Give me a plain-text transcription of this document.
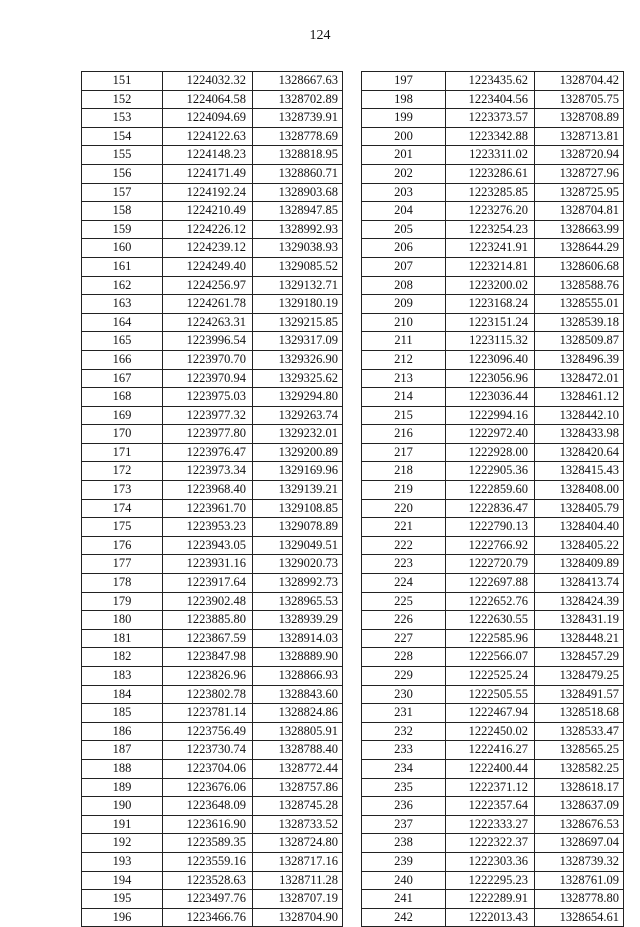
124
151	1224032.32	1328667.63
152	1224064.58	1328702.89
153	1224094.69	1328739.91
154	1224122.63	1328778.69
155	1224148.23	1328818.95
156	1224171.49	1328860.71
157	1224192.24	1328903.68
158	1224210.49	1328947.85
159	1224226.12	1328992.93
160	1224239.12	1329038.93
161	1224249.40	1329085.52
162	1224256.97	1329132.71
163	1224261.78	1329180.19
164	1224263.31	1329215.85
165	1223996.54	1329317.09
166	1223970.70	1329326.90
167	1223970.94	1329325.62
168	1223975.03	1329294.80
169	1223977.32	1329263.74
170	1223977.80	1329232.01
171	1223976.47	1329200.89
172	1223973.34	1329169.96
173	1223968.40	1329139.21
174	1223961.70	1329108.85
175	1223953.23	1329078.89
176	1223943.05	1329049.51
177	1223931.16	1329020.73
178	1223917.64	1328992.73
179	1223902.48	1328965.53
180	1223885.80	1328939.29
181	1223867.59	1328914.03
182	1223847.98	1328889.90
183	1223826.96	1328866.93
184	1223802.78	1328843.60
185	1223781.14	1328824.86
186	1223756.49	1328805.91
187	1223730.74	1328788.40
188	1223704.06	1328772.44
189	1223676.06	1328757.86
190	1223648.09	1328745.28
191	1223616.90	1328733.52
192	1223589.35	1328724.80
193	1223559.16	1328717.16
194	1223528.63	1328711.28
195	1223497.76	1328707.19
196	1223466.76	1328704.90
197	1223435.62	1328704.42
198	1223404.56	1328705.75
199	1223373.57	1328708.89
200	1223342.88	1328713.81
201	1223311.02	1328720.94
202	1223286.61	1328727.96
203	1223285.85	1328725.95
204	1223276.20	1328704.81
205	1223254.23	1328663.99
206	1223241.91	1328644.29
207	1223214.81	1328606.68
208	1223200.02	1328588.76
209	1223168.24	1328555.01
210	1223151.24	1328539.18
211	1223115.32	1328509.87
212	1223096.40	1328496.39
213	1223056.96	1328472.01
214	1223036.44	1328461.12
215	1222994.16	1328442.10
216	1222972.40	1328433.98
217	1222928.00	1328420.64
218	1222905.36	1328415.43
219	1222859.60	1328408.00
220	1222836.47	1328405.79
221	1222790.13	1328404.40
222	1222766.92	1328405.22
223	1222720.79	1328409.89
224	1222697.88	1328413.74
225	1222652.76	1328424.39
226	1222630.55	1328431.19
227	1222585.96	1328448.21
228	1222566.07	1328457.29
229	1222525.24	1328479.25
230	1222505.55	1328491.57
231	1222467.94	1328518.68
232	1222450.02	1328533.47
233	1222416.27	1328565.25
234	1222400.44	1328582.25
235	1222371.12	1328618.17
236	1222357.64	1328637.09
237	1222333.27	1328676.53
238	1222322.37	1328697.04
239	1222303.36	1328739.32
240	1222295.23	1328761.09
241	1222289.91	1328778.80
242	1222013.43	1328654.61
